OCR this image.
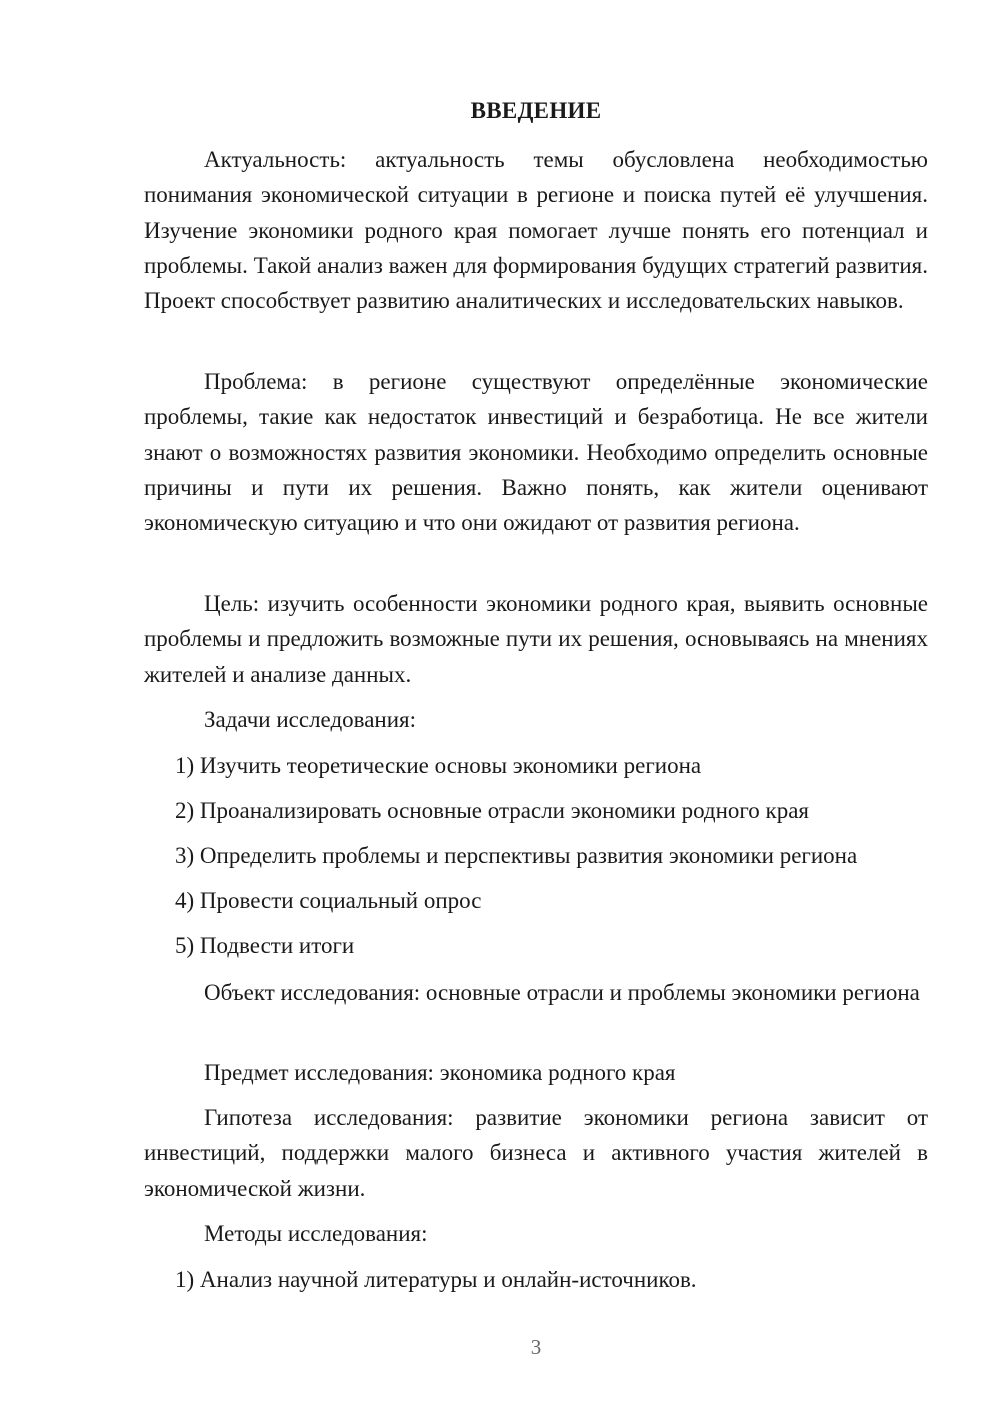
ВВЕДЕНИЕ

Актуальность: актуальность темы обусловлена необходимостью понимания экономической ситуации в регионе и поиска путей её улучшения. Изучение экономики родного края помогает лучше понять его потенциал и проблемы. Такой анализ важен для формирования будущих стратегий развития. Проект способствует развитию аналитических и исследовательских навыков.

Проблема: в регионе существуют определённые экономические проблемы, такие как недостаток инвестиций и безработица. Не все жители знают о возможностях развития экономики. Необходимо определить основные причины и пути их решения. Важно понять, как жители оценивают экономическую ситуацию и что они ожидают от развития региона.

Цель: изучить особенности экономики родного края, выявить основные проблемы и предложить возможные пути их решения, основываясь на мнениях жителей и анализе данных.

Задачи исследования:

1) Изучить теоретические основы экономики региона

2) Проанализировать основные отрасли экономики родного края

3) Определить проблемы и перспективы развития экономики региона

4) Провести социальный опрос

5) Подвести итоги

Объект исследования: основные отрасли и проблемы экономики региона

Предмет исследования: экономика родного края

Гипотеза исследования: развитие экономики региона зависит от инвестиций, поддержки малого бизнеса и активного участия жителей в экономической жизни.

Методы исследования:

1) Анализ научной литературы и онлайн-источников.

3
